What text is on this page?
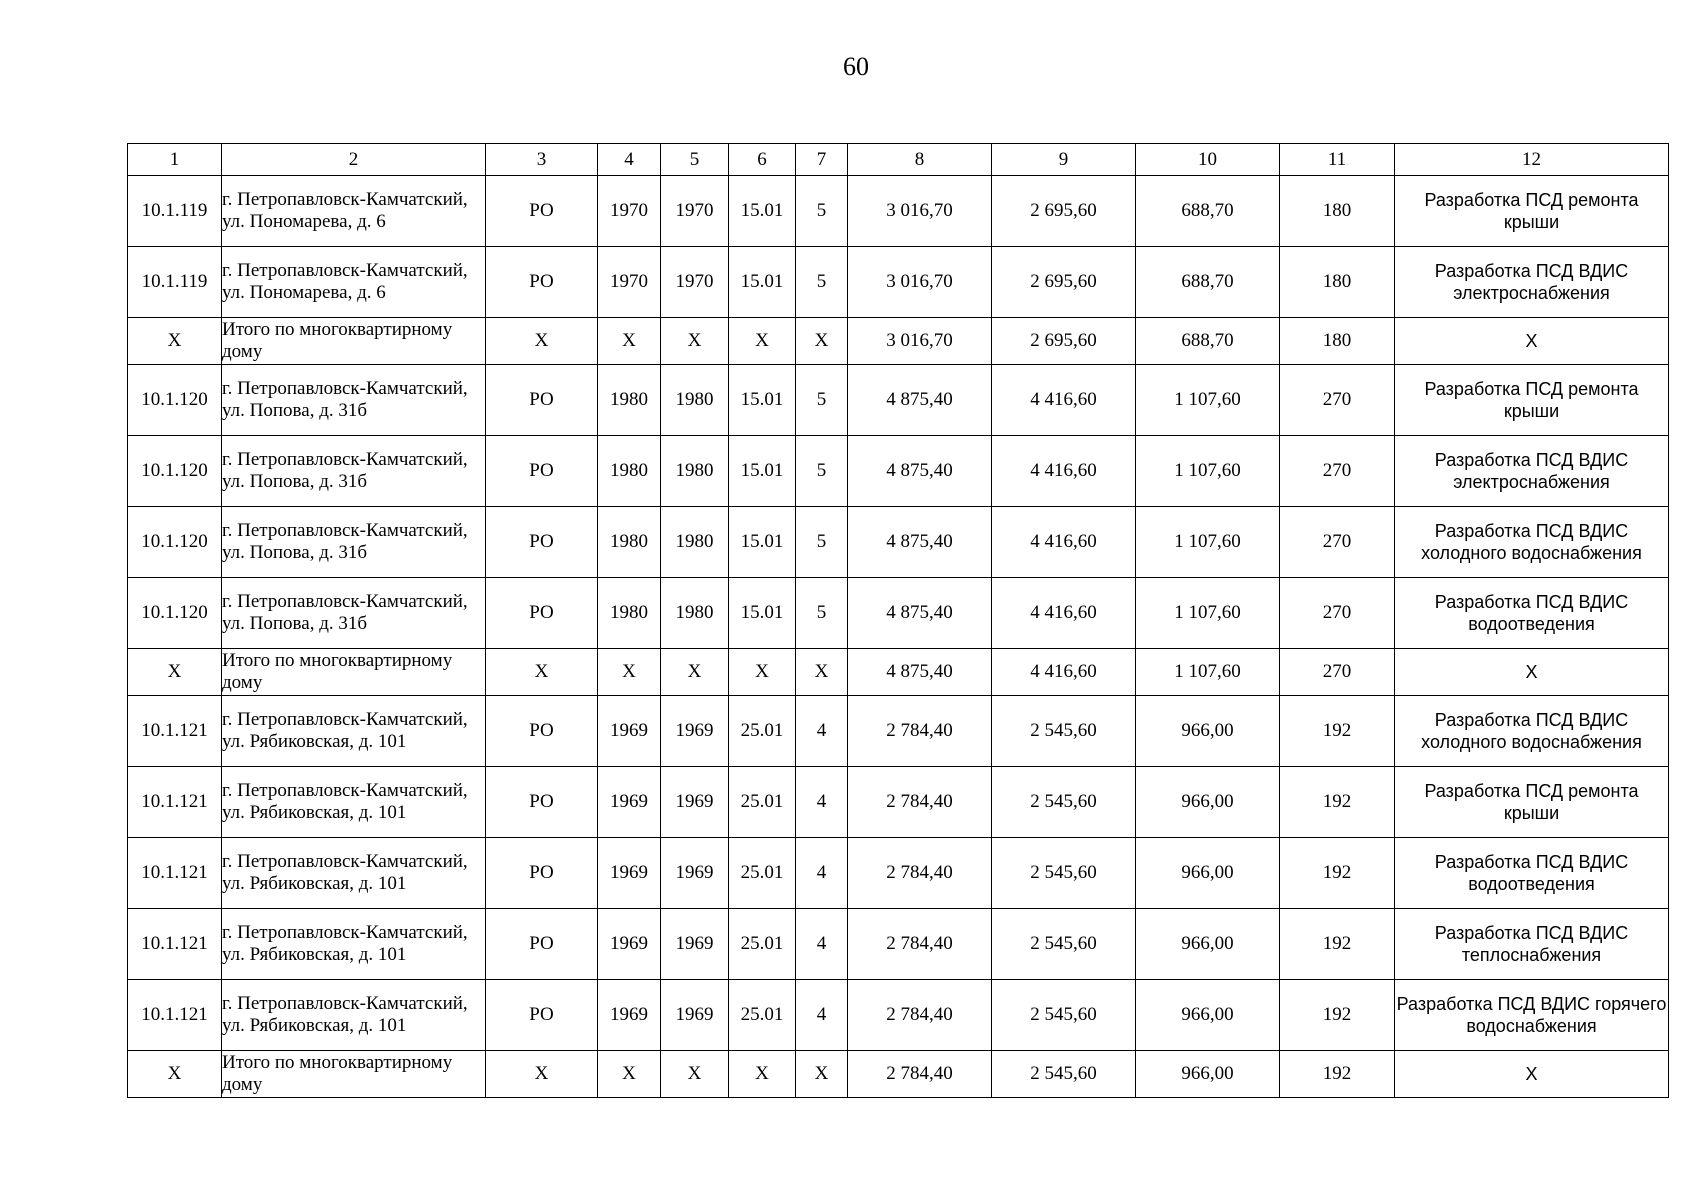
60
1	2	3	4	5	6	7	8	9	10	11	12
10.1.119	г. Петропавловск-Камчатский, ул. Пономарева, д. 6	РО	1970	1970	15.01	5	3 016,70	2 695,60	688,70	180	Разработка ПСД ремонта крыши
10.1.119	г. Петропавловск-Камчатский, ул. Пономарева, д. 6	РО	1970	1970	15.01	5	3 016,70	2 695,60	688,70	180	Разработка ПСД ВДИС электроснабжения
Х	Итого по многоквартирному дому	Х	Х	Х	Х	Х	3 016,70	2 695,60	688,70	180	Х
10.1.120	г. Петропавловск-Камчатский, ул. Попова, д. 31б	РО	1980	1980	15.01	5	4 875,40	4 416,60	1 107,60	270	Разработка ПСД ремонта крыши
10.1.120	г. Петропавловск-Камчатский, ул. Попова, д. 31б	РО	1980	1980	15.01	5	4 875,40	4 416,60	1 107,60	270	Разработка ПСД ВДИС электроснабжения
10.1.120	г. Петропавловск-Камчатский, ул. Попова, д. 31б	РО	1980	1980	15.01	5	4 875,40	4 416,60	1 107,60	270	Разработка ПСД ВДИС холодного водоснабжения
10.1.120	г. Петропавловск-Камчатский, ул. Попова, д. 31б	РО	1980	1980	15.01	5	4 875,40	4 416,60	1 107,60	270	Разработка ПСД ВДИС водоотведения
Х	Итого по многоквартирному дому	Х	Х	Х	Х	Х	4 875,40	4 416,60	1 107,60	270	Х
10.1.121	г. Петропавловск-Камчатский, ул. Рябиковская, д. 101	РО	1969	1969	25.01	4	2 784,40	2 545,60	966,00	192	Разработка ПСД ВДИС холодного водоснабжения
10.1.121	г. Петропавловск-Камчатский, ул. Рябиковская, д. 101	РО	1969	1969	25.01	4	2 784,40	2 545,60	966,00	192	Разработка ПСД ремонта крыши
10.1.121	г. Петропавловск-Камчатский, ул. Рябиковская, д. 101	РО	1969	1969	25.01	4	2 784,40	2 545,60	966,00	192	Разработка ПСД ВДИС водоотведения
10.1.121	г. Петропавловск-Камчатский, ул. Рябиковская, д. 101	РО	1969	1969	25.01	4	2 784,40	2 545,60	966,00	192	Разработка ПСД ВДИС теплоснабжения
10.1.121	г. Петропавловск-Камчатский, ул. Рябиковская, д. 101	РО	1969	1969	25.01	4	2 784,40	2 545,60	966,00	192	Разработка ПСД ВДИС горячего водоснабжения
Х	Итого по многоквартирному дому	Х	Х	Х	Х	Х	2 784,40	2 545,60	966,00	192	Х
